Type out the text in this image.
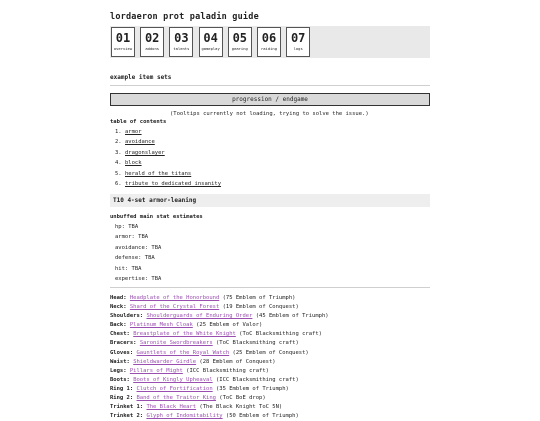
lordaeron prot paladin guide
01
overview
02
addons
03
talents
04
gameplay
05
gearing
06
raiding
07
logs
example item sets
progression / endgame
(Tooltips currently not loading, trying to solve the issue.)
table of contents
1. armor
2. avoidance
3. dragonslayer
4. block
5. herald of the titans
6. tribute to dedicated insanity
T10 4-set armor-leaning
unbuffed main stat estimates
hp: TBA
armor: TBA
avoidance: TBA
defense: TBA
hit: TBA
expertise: TBA
Head: Headplate of the Honorbound (75 Emblem of Triumph)
Neck: Shard of the Crystal Forest (19 Emblem of Conquest)
Shoulders: Shoulderguards of Enduring Order (45 Emblem of Triumph)
Back: Platinum Mesh Cloak (25 Emblem of Valor)
Chest: Breastplate of the White Knight (ToC Blacksmithing craft)
Bracers: Saronite Swordbreakers (ToC Blacksmithing craft)
Gloves: Gauntlets of the Royal Watch (25 Emblem of Conquest)
Waist: Shieldwarder Girdle (28 Emblem of Conquest)
Legs: Pillars of Might (ICC Blacksmithing craft)
Boots: Boots of Kingly Upheaval (ICC Blacksmithing craft)
Ring 1: Clutch of Fortification (35 Emblem of Triumph)
Ring 2: Band of the Traitor King (ToC BoE drop)
Trinket 1: The Black Heart (The Black Knight ToC 5N)
Trinket 2: Glyph of Indomitability (50 Emblem of Triumph)
